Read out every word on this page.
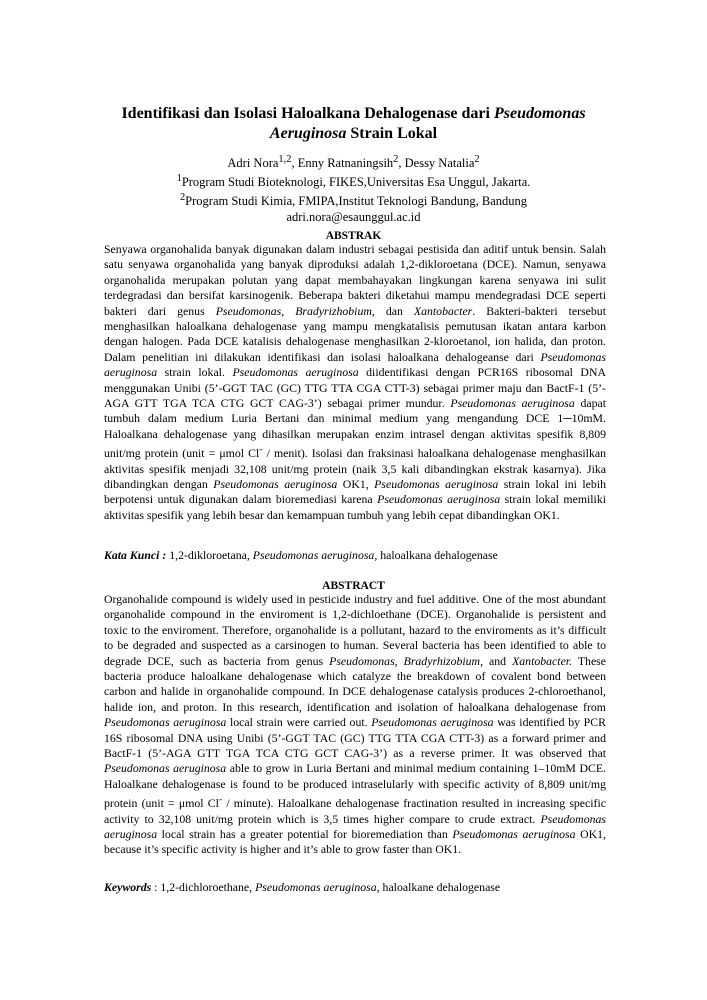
Identifikasi dan Isolasi Haloalkana Dehalogenase dari Pseudomonas
Aeruginosa Strain Lokal
Adri Nora$^{1,2}$, Enny Ratnaningsih$^2$, Dessy Natalia$^2$
$^1$Program Studi Bioteknologi, FIKES,Universitas Esa Unggul, Jakarta.
$^2$Program Studi Kimia, FMIPA,Institut Teknologi Bandung, Bandung
adri.nora@esaunggul.ac.id
ABSTRAK

Senyawa organohalida banyak digunakan dalam industri sebagai pestisida dan aditif untuk bensin. Salah satu senyawa organohalida yang banyak diproduksi adalah 1,2-dikloroetana (DCE). Namun, senyawa organohalida merupakan polutan yang dapat membahayakan lingkungan karena senyawa ini sulit terdegradasi dan bersifat karsinogenik. Beberapa bakteri diketahui mampu mendegradasi DCE seperti bakteri dari genus Pseudomonas, Bradyrizhobium, dan Xantobacter. Bakteri-bakteri tersebut menghasilkan haloalkana dehalogenase yang mampu mengkatalisis pemutusan ikatan antara karbon dengan halogen. Pada DCE katalisis dehalogenase menghasilkan 2-kloroetanol, ion halida, dan proton. Dalam penelitian ini dilakukan identifikasi dan isolasi haloalkana dehalogeanse dari Pseudomonas aeruginosa strain lokal. Pseudomonas aeruginosa diidentifikasi dengan PCR16S ribosomal DNA menggunakan Unibi (5’-GGT TAC (GC) TTG TTA CGA CTT-3) sebagai primer maju dan BactF-1 (5’-AGA GTT TGA TCA CTG GCT CAG-3’) sebagai primer mundur. Pseudomonas aeruginosa dapat tumbuh dalam medium Luria Bertani dan minimal medium yang mengandung DCE 1─10mM. Haloalkana dehalogenase yang dihasilkan merupakan enzim intrasel dengan aktivitas spesifik 8,809 unit/mg protein (unit = μmol Cl- / menit). Isolasi dan fraksinasi haloalkana dehalogenase menghasilkan aktivitas spesifik menjadi 32,108 unit/mg protein (naik 3,5 kali dibandingkan ekstrak kasarnya). Jika dibandingkan dengan Pseudomonas aeruginosa OK1, Pseudomonas aeruginosa strain lokal ini lebih berpotensi untuk digunakan dalam bioremediasi karena Pseudomonas aeruginosa strain lokal memiliki aktivitas spesifik yang lebih besar dan kemampuan tumbuh yang lebih cepat dibandingkan OK1.

Kata Kunci : 1,2-dikloroetana, Pseudomonas aeruginosa, haloalkana dehalogenase
ABSTRACT

Organohalide compound is widely used in pesticide industry and fuel additive. One of the most abundant organohalide compound in the enviroment is 1,2-dichloethane (DCE). Organohalide is persistent and toxic to the enviroment. Therefore, organohalide is a pollutant, hazard to the enviroments as it’s difficult to be degraded and suspected as a carsinogen to human. Several bacteria has been identified to able to degrade DCE, such as bacteria from genus Pseudomonas, Bradyrhizobium, and Xantobacter. These bacteria produce haloalkane dehalogenase which catalyze the breakdown of covalent bond between carbon and halide in organohalide compound. In DCE dehalogenase catalysis produces 2-chloroethanol, halide ion, and proton. In this research, identification and isolation of haloalkana dehalogenase from Pseudomonas aeruginosa local strain were carried out. Pseudomonas aeruginosa was identified by PCR 16S ribosomal DNA using Unibi (5’-GGT TAC (GC) TTG TTA CGA CTT-3) as a forward primer and BactF-1 (5’-AGA GTT TGA TCA CTG GCT CAG-3’) as a reverse primer. It was observed that Pseudomonas aeruginosa able to grow in Luria Bertani and minimal medium containing 1–10mM DCE. Haloalkane dehalogenase is found to be produced intraselularly with specific activity of 8,809 unit/mg protein (unit = μmol Cl- / minute). Haloalkane dehalogenase fractination resulted in increasing specific activity to 32,108 unit/mg protein which is 3,5 times higher compare to crude extract. Pseudomonas aeruginosa local strain has a greater potential for bioremediation than Pseudomonas aeruginosa OK1, because it’s specific activity is higher and it’s able to grow faster than OK1.

Keywords : 1,2-dichloroethane, Pseudomonas aeruginosa, haloalkane dehalogenase
